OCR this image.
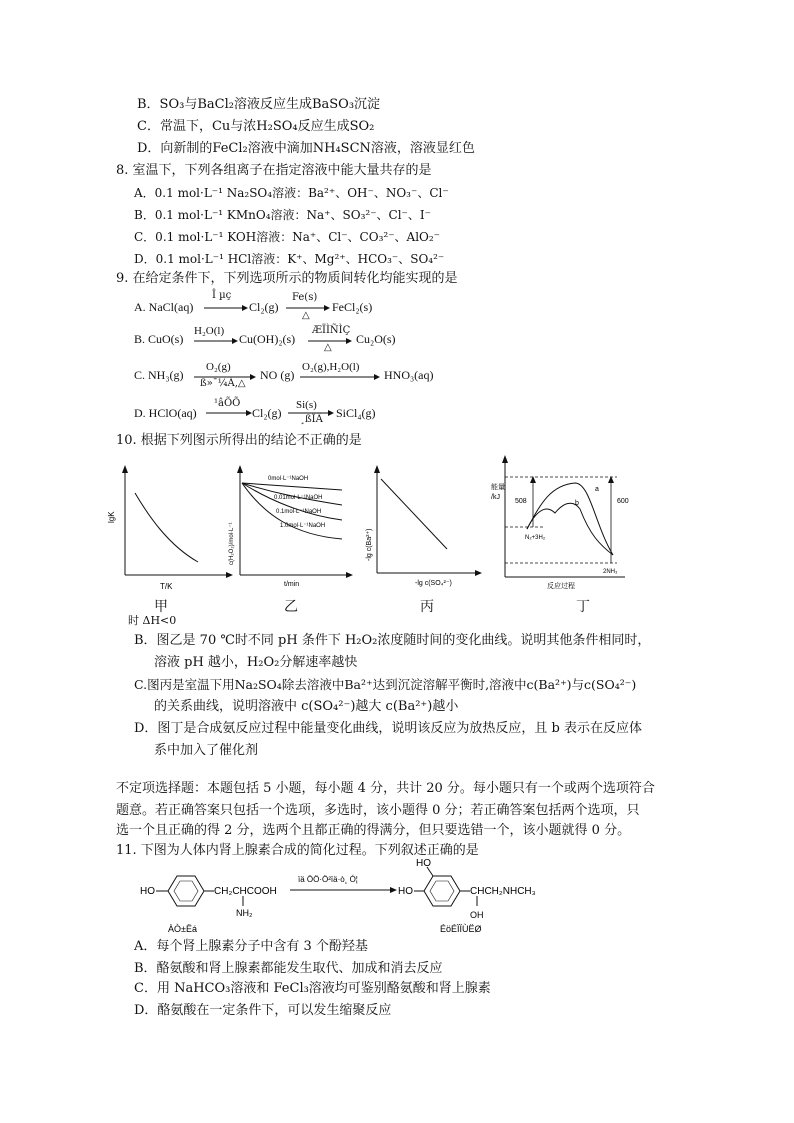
B．SO₃与BaCl₂溶液反应生成BaSO₃沉淀
C．常温下，Cu与浓H₂SO₄反应生成SO₂
D．向新制的FeCl₂溶液中滴加NH₄SCN溶液，溶液显红色
8. 室温下，下列各组离子在指定溶液中能大量共存的是
A．0.1 mol·L⁻¹ Na₂SO₄溶液：Ba²⁺、OH⁻、NO₃⁻、Cl⁻
B．0.1 mol·L⁻¹ KMnO₄溶液：Na⁺、SO₃²⁻、Cl⁻、I⁻
C．0.1 mol·L⁻¹ KOH溶液：Na⁺、Cl⁻、CO₃²⁻、AlO₂⁻
D．0.1 mol·L⁻¹ HCl溶液：K⁺、Mg²⁺、HCO₃⁻、SO₄²⁻
9. 在给定条件下，下列选项所示的物质间转化均能实现的是
A. NaCl(aq)
Î µç
Cl₂(g)
Fe(s)
△
FeCl₂(s)
B. CuO(s)
H₂O(l)
Cu(OH)₂(s)
ÆÏÌÑÌÇ
△
Cu₂O(s)
C. NH₃(g)
O₂(g)
ß»¯¼Á,△
NO (g)
O₂(g),H₂O(l)
HNO₃(aq)
D. HClO(aq)
¹âÕÕ
Cl₂(g)
Si(s)
¸ßÎÂ SiCl₄(g)
10. 根据下列图示所得出的结论不正确的是
lgK
T/K
0mol·L⁻¹NaOH
0.01mol·L⁻¹NaOH
0.1mol·L⁻¹NaOH
1.0mol·L⁻¹NaOH
c(H₂O₂)/mol·L⁻¹
t/min
-lg c(Ba²⁺)
-lg c(SO₄²⁻)
能量
/kJ
508	600
a
b
N₂+3H₂
2NH₃
反应过程
甲	乙	丙	丁
时 ΔH<0
B．图乙是 70 ℃时不同 pH 条件下 H₂O₂浓度随时间的变化曲线。说明其他条件相同时，
溶液 pH 越小，H₂O₂分解速率越快
C.图丙是室温下用Na₂SO₄除去溶液中Ba²⁺达到沉淀溶解平衡时,溶液中c(Ba²⁺)与c(SO₄²⁻)
的关系曲线，说明溶液中 c(SO₄²⁻)越大 c(Ba²⁺)越小
D．图丁是合成氨反应过程中能量变化曲线，说明该反应为放热反应，且 b 表示在反应体
系中加入了催化剂
不定项选择题：本题包括 5 小题，每小题 4 分，共计 20 分。每小题只有一个或两个选项符合
题意。若正确答案只包括一个选项，多选时，该小题得 0 分；若正确答案包括两个选项，只
选一个且正确的得 2 分，选两个且都正确的得满分，但只要选错一个，该小题就得 0 分。
11. 下图为人体内肾上腺素合成的简化过程。下列叙述正确的是
HO	CH₂CHCOOH
NH₂
ÀÒ±Ëá
ïä ÖÖ·Ö²ïä·ò¸ Ó¦
HO
HO
CHCH₂NHCH₃
OH
ÉöÉÏÏÙËØ
A．每个肾上腺素分子中含有 3 个酚羟基
B．酪氨酸和肾上腺素都能发生取代、加成和消去反应
C．用 NaHCO₃溶液和 FeCl₃溶液均可鉴别酪氨酸和肾上腺素
D．酪氨酸在一定条件下，可以发生缩聚反应
